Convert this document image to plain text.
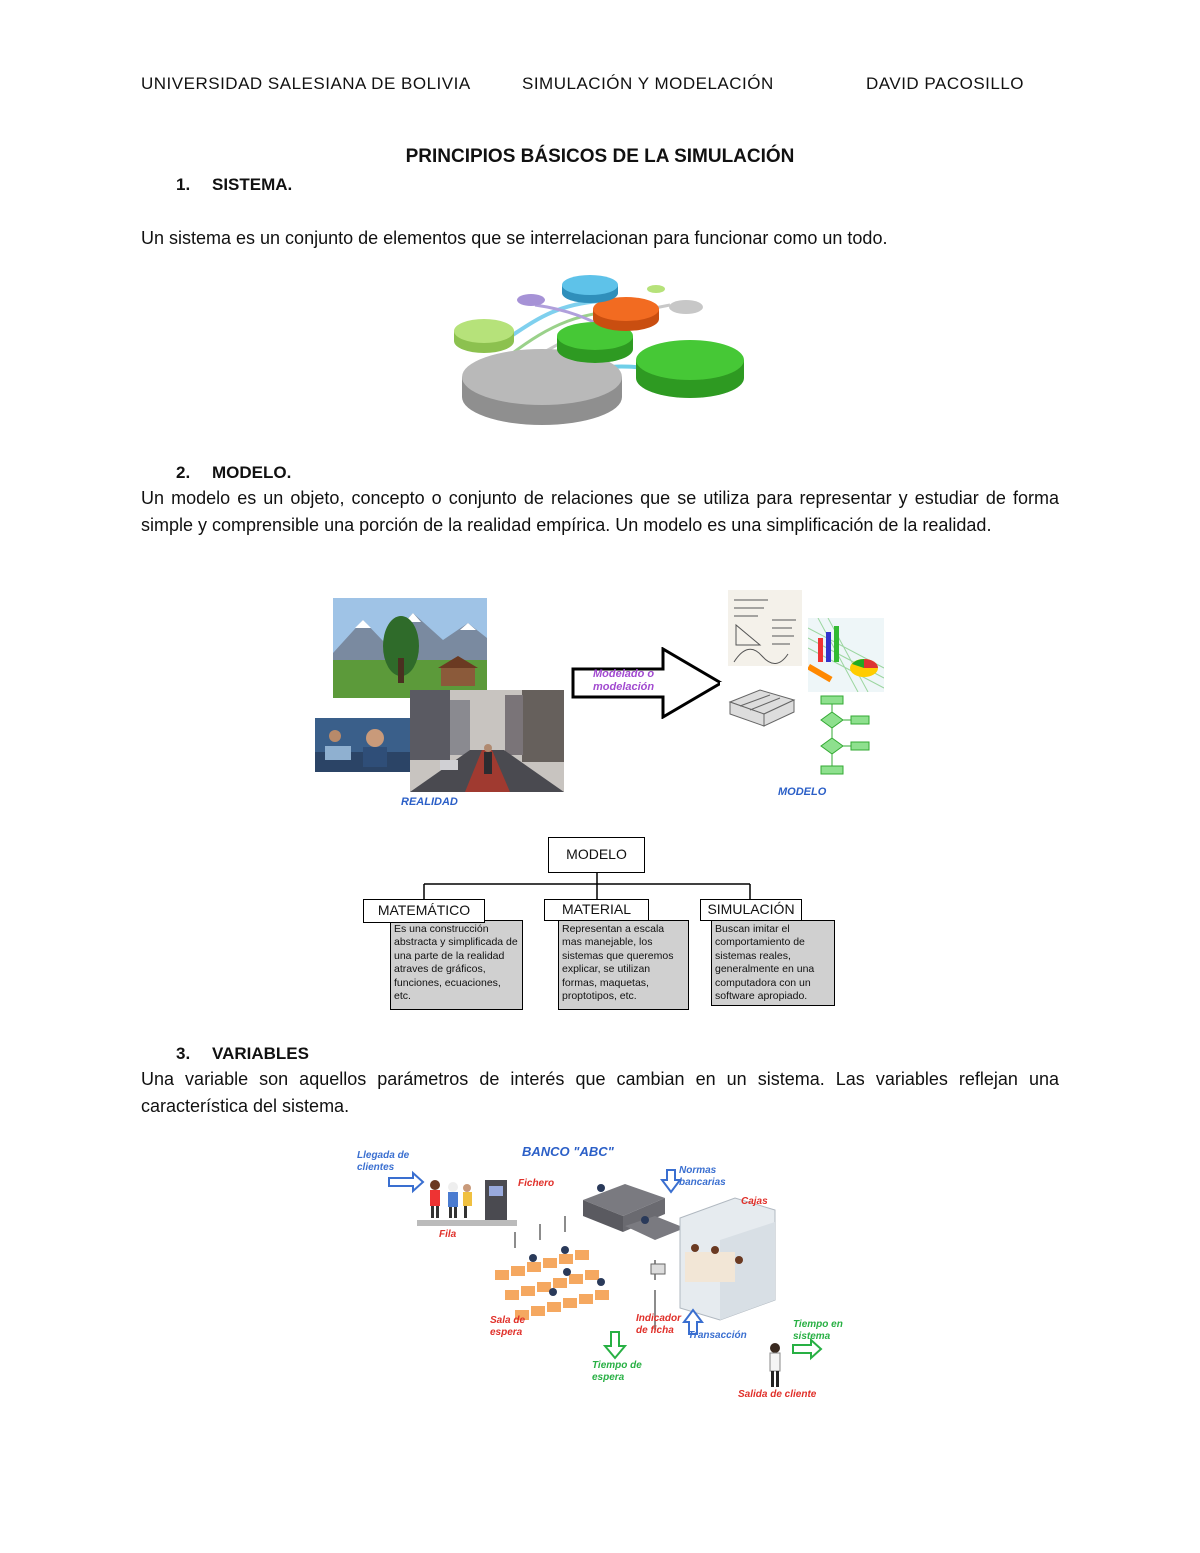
UNIVERSIDAD SALESIANA DE BOLIVIA	SIMULACIÓN Y MODELACIÓN	DAVID PACOSILLO
PRINCIPIOS BÁSICOS DE LA SIMULACIÓN
1. SISTEMA.
Un sistema es un conjunto de elementos que se interrelacionan para funcionar como un todo.
2. MODELO.
Un modelo es un objeto, concepto o conjunto de relaciones que se utiliza para representar y estudiar de forma simple y comprensible una porción de la realidad empírica. Un modelo es una simplificación de la realidad.
Modelado o modelación
REALIDAD
MODELO
MODELO
Es una construcción abstracta y simplificada de una parte de la realidad atraves de gráficos, funciones, ecuaciones, etc.
Representan a escala mas manejable, los sistemas que queremos explicar, se utilizan formas, maquetas, proptotipos, etc.
Buscan imitar el comportamiento de sistemas reales, generalmente en una computadora con un software apropiado.
MATEMÁTICO	MATERIAL	SIMULACIÓN
3. VARIABLES
Una variable son aquellos parámetros de interés que cambian en un sistema. Las variables reflejan una característica del sistema.
BANCO "ABC"
Llegada de clientes
Fichero
Fila
Normas bancarias
Cajas
Sala de espera
Indicador de ficha	Transacción
Tiempo en sistema
Tiempo de espera
Salida de cliente
